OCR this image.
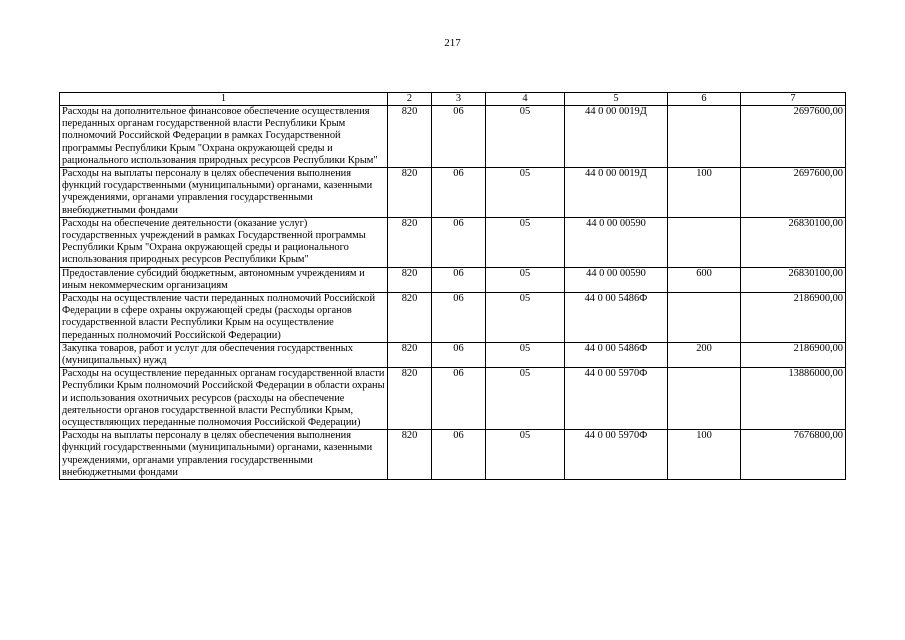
217
1	2	3	4	5	6	7
Расходы на дополнительное финансовое обеспечение осуществления переданных органам государственной власти Республики Крым полномочий Российской Федерации в рамках Государственной программы Республики Крым "Охрана окружающей среды и рационального использования природных ресурсов Республики Крым"	820	06	05	44 0 00 0019Д		2697600,00
Расходы на выплаты персоналу в целях обеспечения выполнения функций государственными (муниципальными) органами, казенными учреждениями, органами управления государственными внебюджетными фондами	820	06	05	44 0 00 0019Д	100	2697600,00
Расходы на обеспечение деятельности (оказание услуг) государственных учреждений в рамках Государственной программы Республики Крым "Охрана окружающей среды и рационального использования природных ресурсов Республики Крым"	820	06	05	44 0 00 00590		26830100,00
Предоставление субсидий бюджетным, автономным учреждениям и иным некоммерческим организациям	820	06	05	44 0 00 00590	600	26830100,00
Расходы на осуществление части переданных полномочий Российской Федерации в сфере охраны окружающей среды (расходы органов государственной власти Республики Крым на осуществление переданных полномочий Российской Федерации)	820	06	05	44 0 00 5486Ф		2186900,00
Закупка товаров, работ и услуг для обеспечения государственных (муниципальных) нужд	820	06	05	44 0 00 5486Ф	200	2186900,00
Расходы на осуществление переданных органам государственной власти Республики Крым полномочий Российской Федерации в области охраны и использования охотничьих ресурсов (расходы на обеспечение деятельности органов государственной власти Республики Крым, осуществляющих переданные полномочия Российской Федерации)	820	06	05	44 0 00 5970Ф		13886000,00
Расходы на выплаты персоналу в целях обеспечения выполнения функций государственными (муниципальными) органами, казенными учреждениями, органами управления государственными внебюджетными фондами	820	06	05	44 0 00 5970Ф	100	7676800,00
